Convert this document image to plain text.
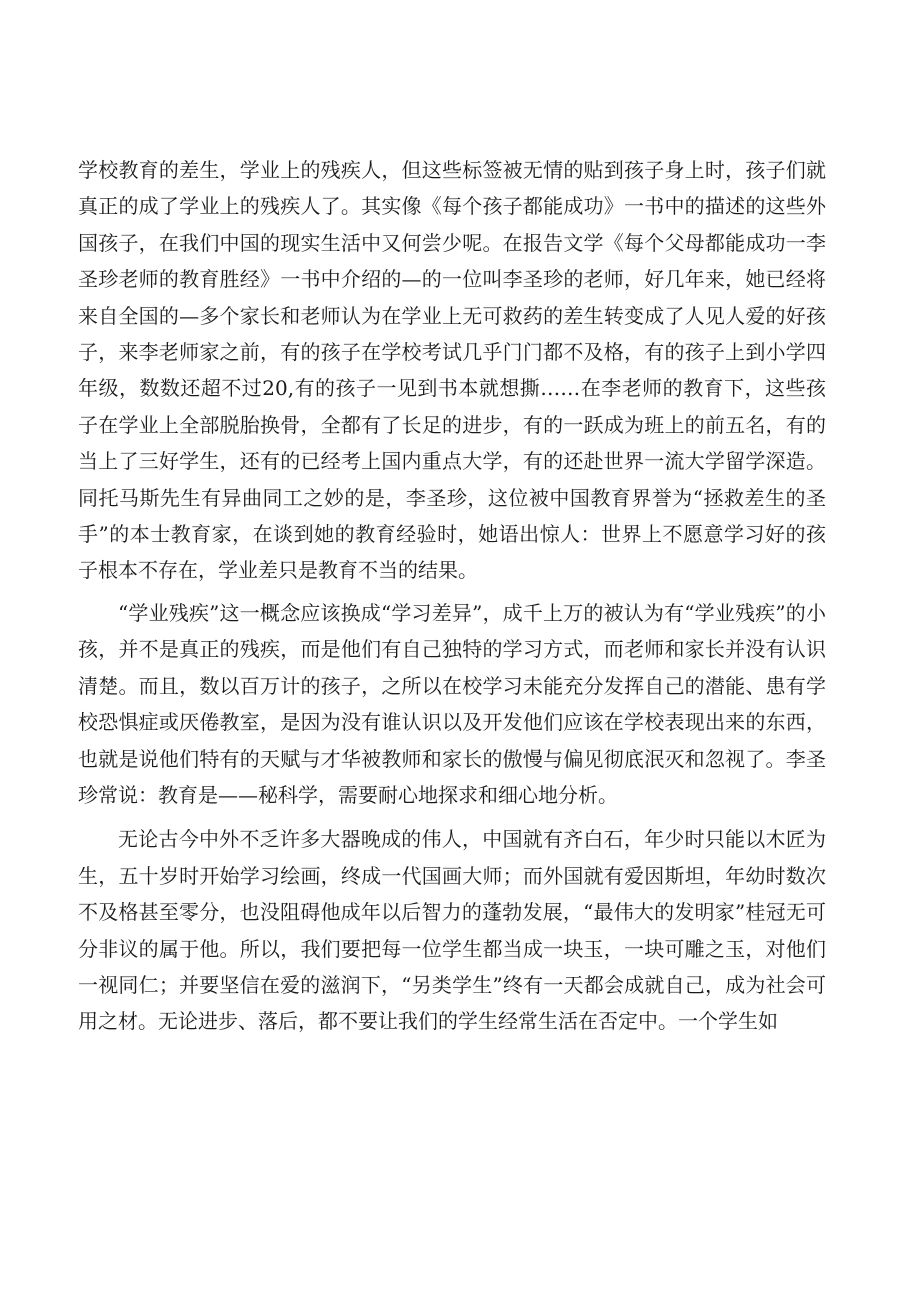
学校教育的差生，学业上的残疾人，但这些标签被无情的贴到孩子身上时，孩子们就真正的成了学业上的残疾人了。其实像《每个孩子都能成功》一书中的描述的这些外国孩子，在我们中国的现实生活中又何尝少呢。在报告文学《每个父母都能成功一李圣珍老师的教育胜经》一书中介绍的—的一位叫李圣珍的老师，好几年来，她已经将来自全国的—多个家长和老师认为在学业上无可救药的差生转变成了人见人爱的好孩子，来李老师家之前，有的孩子在学校考试几乎门门都不及格，有的孩子上到小学四年级，数数还超不过20,有的孩子一见到书本就想撕……在李老师的教育下，这些孩子在学业上全部脱胎换骨，全都有了长足的进步，有的一跃成为班上的前五名，有的当上了三好学生，还有的已经考上国内重点大学，有的还赴世界一流大学留学深造。同托马斯先生有异曲同工之妙的是，李圣珍，这位被中国教育界誉为“拯救差生的圣手”的本士教育家，在谈到她的教育经验时，她语出惊人：世界上不愿意学习好的孩子根本不存在，学业差只是教育不当的结果。

“学业残疾”这一概念应该换成“学习差异”，成千上万的被认为有“学业残疾”的小孩，并不是真正的残疾，而是他们有自己独特的学习方式，而老师和家长并没有认识清楚。而且，数以百万计的孩子，之所以在校学习未能充分发挥自己的潜能、患有学校恐惧症或厌倦教室，是因为没有谁认识以及开发他们应该在学校表现出来的东西，也就是说他们特有的天赋与才华被教师和家长的傲慢与偏见彻底泯灭和忽视了。李圣珍常说：教育是——秘科学，需要耐心地探求和细心地分析。

无论古今中外不乏许多大器晚成的伟人，中国就有齐白石，年少时只能以木匠为生，五十岁时开始学习绘画，终成一代国画大师；而外国就有爱因斯坦，年幼时数次不及格甚至零分，也没阻碍他成年以后智力的蓬勃发展，“最伟大的发明家”桂冠无可分非议的属于他。所以，我们要把每一位学生都当成一块玉，一块可雕之玉，对他们一视同仁；并要坚信在爱的滋润下，“另类学生”终有一天都会成就自己，成为社会可用之材。无论进步、落后，都不要让我们的学生经常生活在否定中。一个学生如
